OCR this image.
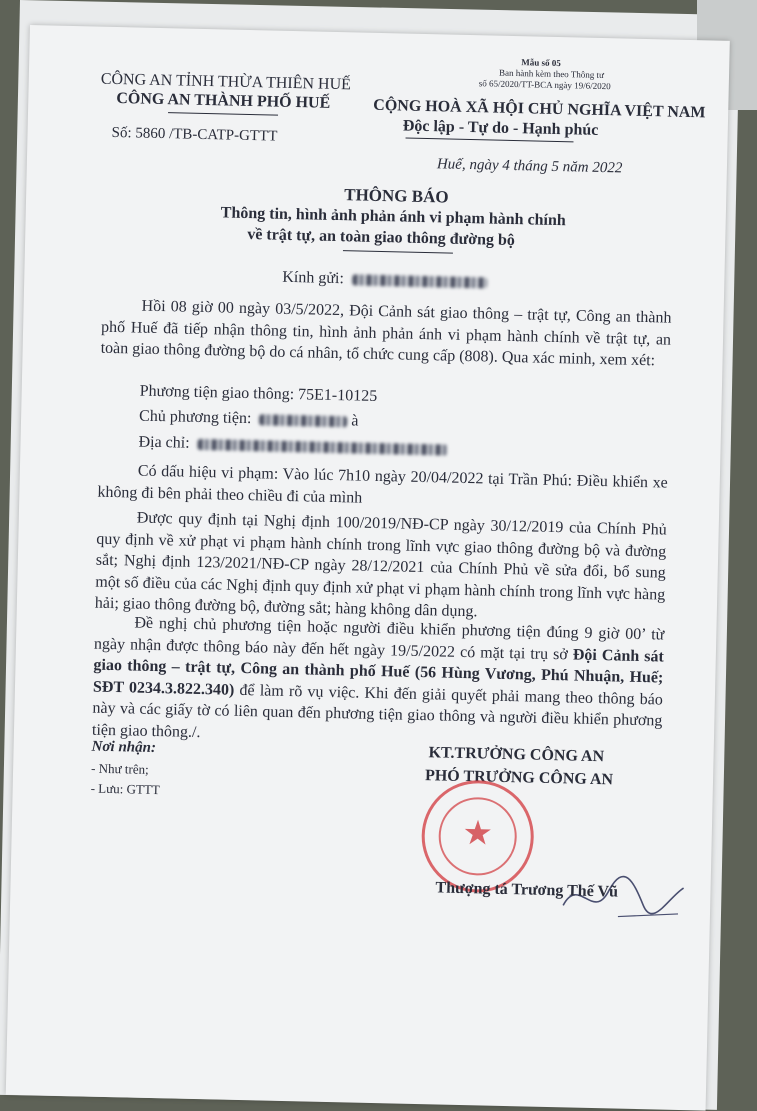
Mẫu số 05
Ban hành kèm theo Thông tư
số 65/2020/TT-BCA ngày 19/6/2020
CÔNG AN TỈNH THỪA THIÊN HUẾ
CÔNG AN THÀNH PHỐ HUẾ
Số: 5860 /TB-CATP-GTTT
CỘNG HOÀ XÃ HỘI CHỦ NGHĨA VIỆT NAM
Độc lập - Tự do - Hạnh phúc
Huế, ngày 4 tháng 5 năm 2022
THÔNG BÁO
Thông tin, hình ảnh phản ánh vi phạm hành chính
về trật tự, an toàn giao thông đường bộ
Kính gửi:
Hồi 08 giờ 00 ngày 03/5/2022, Đội Cảnh sát giao thông – trật tự, Công an thành phố Huế đã tiếp nhận thông tin, hình ảnh phản ánh vi phạm hành chính về trật tự, an toàn giao thông đường bộ do cá nhân, tổ chức cung cấp (808). Qua xác minh, xem xét:
Phương tiện giao thông: 75E1-10125
Chủ phương tiện:	à
Địa chỉ:
Có dấu hiệu vi phạm: Vào lúc 7h10 ngày 20/04/2022 tại Trần Phú: Điều khiển xe không đi bên phải theo chiều đi của mình
Được quy định tại Nghị định 100/2019/NĐ-CP ngày 30/12/2019 của Chính Phủ quy định về xử phạt vi phạm hành chính trong lĩnh vực giao thông đường bộ và đường sắt; Nghị định 123/2021/NĐ-CP ngày 28/12/2021 của Chính Phủ về sửa đổi, bổ sung một số điều của các Nghị định quy định xử phạt vi phạm hành chính trong lĩnh vực hàng hải; giao thông đường bộ, đường sắt; hàng không dân dụng.
Đề nghị chủ phương tiện hoặc người điều khiển phương tiện đúng 9 giờ 00’ từ ngày nhận được thông báo này đến hết ngày 19/5/2022 có mặt tại trụ sở Đội Cảnh sát giao thông – trật tự, Công an thành phố Huế (56 Hùng Vương, Phú Nhuận, Huế; SĐT 0234.3.822.340) để làm rõ vụ việc. Khi đến giải quyết phải mang theo thông báo này và các giấy tờ có liên quan đến phương tiện giao thông và người điều khiển phương tiện giao thông./.
Nơi nhận:
- Như trên;
- Lưu: GTTT
KT.TRƯỞNG CÔNG AN
PHÓ TRƯỞNG CÔNG AN
★
Thượng tá Trương Thế Vũ
